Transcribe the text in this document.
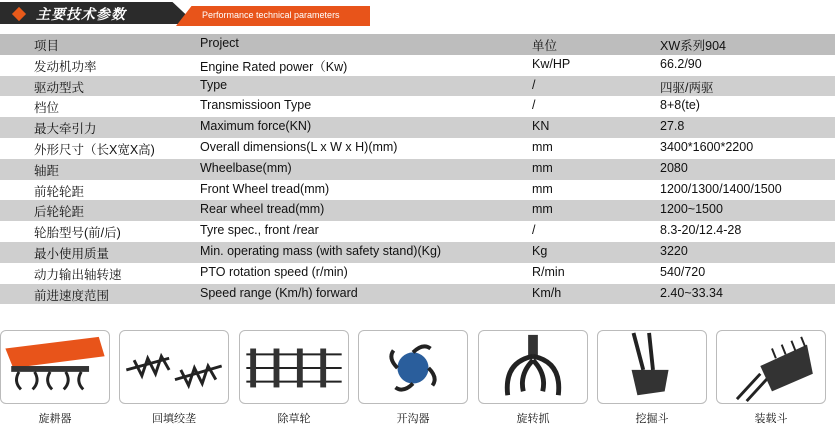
主要技术参数	Performance technical parameters
项目	Project	单位	XW系列904
发动机功率	Engine Rated power（Kw)	Kw/HP	66.2/90
驱动型式	Type	/	四驱/两驱
档位	Transmissioon Type	/	8+8(te)
最大牵引力	Maximum force(KN)	KN	27.8
外形尺寸（长X宽X高)	Overall dimensions(L x W x H)(mm)	mm	3400*1600*2200
轴距	Wheelbase(mm)	mm	2080
前轮轮距	Front Wheel tread(mm)	mm	1200/1300/1400/1500
后轮轮距	Rear wheel tread(mm)	mm	1200~1500
轮胎型号(前/后)	Tyre spec., front /rear	/	8.3-20/12.4-28
最小使用质量	Min. operating mass (with safety stand)(Kg)	Kg	3220
动力输出轴转速	PTO rotation speed (r/min)	R/min	540/720
前进速度范围	Speed range (Km/h) forward	Km/h	2.40~33.34
旋耕器	回填绞垄	除草轮	开沟器	旋转抓	挖掘斗	装载斗
